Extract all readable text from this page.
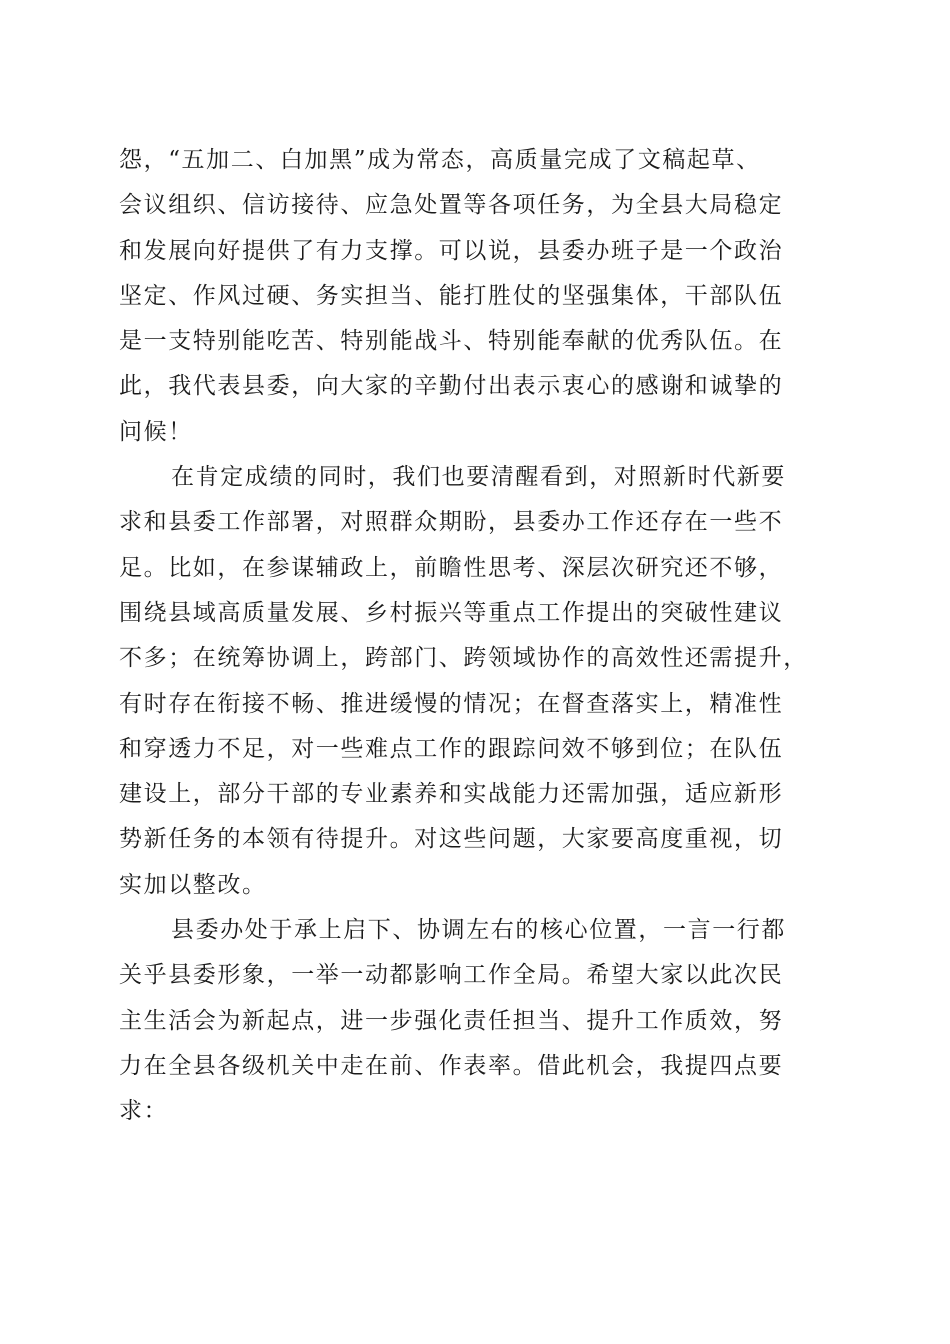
怨，“五加二、白加黑”成为常态，高质量完成了文稿起草、
会议组织、信访接待、应急处置等各项任务，为全县大局稳定
和发展向好提供了有力支撑。可以说，县委办班子是一个政治
坚定、作风过硬、务实担当、能打胜仗的坚强集体，干部队伍
是一支特别能吃苦、特别能战斗、特别能奉献的优秀队伍。在
此，我代表县委，向大家的辛勤付出表示衷心的感谢和诚挚的
问候！
在肯定成绩的同时，我们也要清醒看到，对照新时代新要
求和县委工作部署，对照群众期盼，县委办工作还存在一些不
足。比如，在参谋辅政上，前瞻性思考、深层次研究还不够，
围绕县域高质量发展、乡村振兴等重点工作提出的突破性建议
不多；在统筹协调上，跨部门、跨领域协作的高效性还需提升，
有时存在衔接不畅、推进缓慢的情况；在督查落实上，精准性
和穿透力不足，对一些难点工作的跟踪问效不够到位；在队伍
建设上，部分干部的专业素养和实战能力还需加强，适应新形
势新任务的本领有待提升。对这些问题，大家要高度重视，切
实加以整改。
县委办处于承上启下、协调左右的核心位置，一言一行都
关乎县委形象，一举一动都影响工作全局。希望大家以此次民
主生活会为新起点，进一步强化责任担当、提升工作质效，努
力在全县各级机关中走在前、作表率。借此机会，我提四点要
求：
